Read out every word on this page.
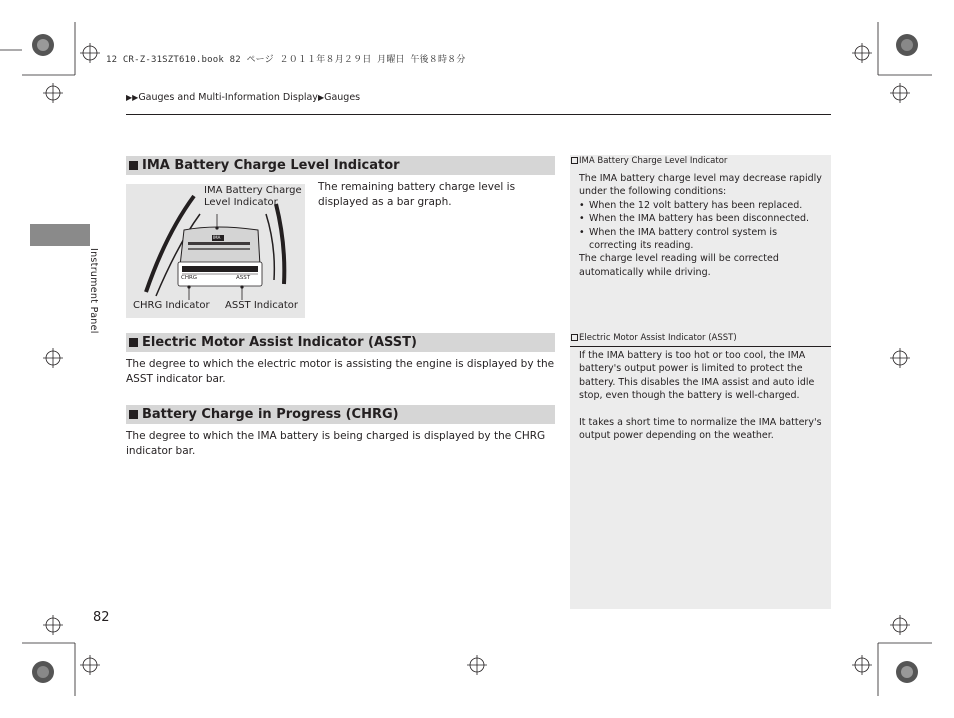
12 CR-Z-31SZT610.book 82 ページ ２０１１年８月２９日 月曜日 午後８時８分
▶▶Gauges and Multi-Information Display▶Gauges
Instrument Panel
IMA Battery Charge Level Indicator
IMA
CHRG	ASST
IMA Battery Charge
Level Indicator
CHRG Indicator ASST Indicator
The remaining battery charge level is displayed as a bar graph.
Electric Motor Assist Indicator (ASST)
The degree to which the electric motor is assisting the engine is displayed by the ASST indicator bar.
Battery Charge in Progress (CHRG)
The degree to which the IMA battery is being charged is displayed by the CHRG indicator bar.
IMA Battery Charge Level Indicator

The IMA battery charge level may decrease rapidly under the following conditions:

• When the 12 volt battery has been replaced.
• When the IMA battery has been disconnected.
• When the IMA battery control system is correcting its reading.

The charge level reading will be corrected automatically while driving.

Electric Motor Assist Indicator (ASST)

If the IMA battery is too hot or too cool, the IMA battery's output power is limited to protect the battery. This disables the IMA assist and auto idle stop, even though the battery is well-charged.

It takes a short time to normalize the IMA battery's output power depending on the weather.

82
